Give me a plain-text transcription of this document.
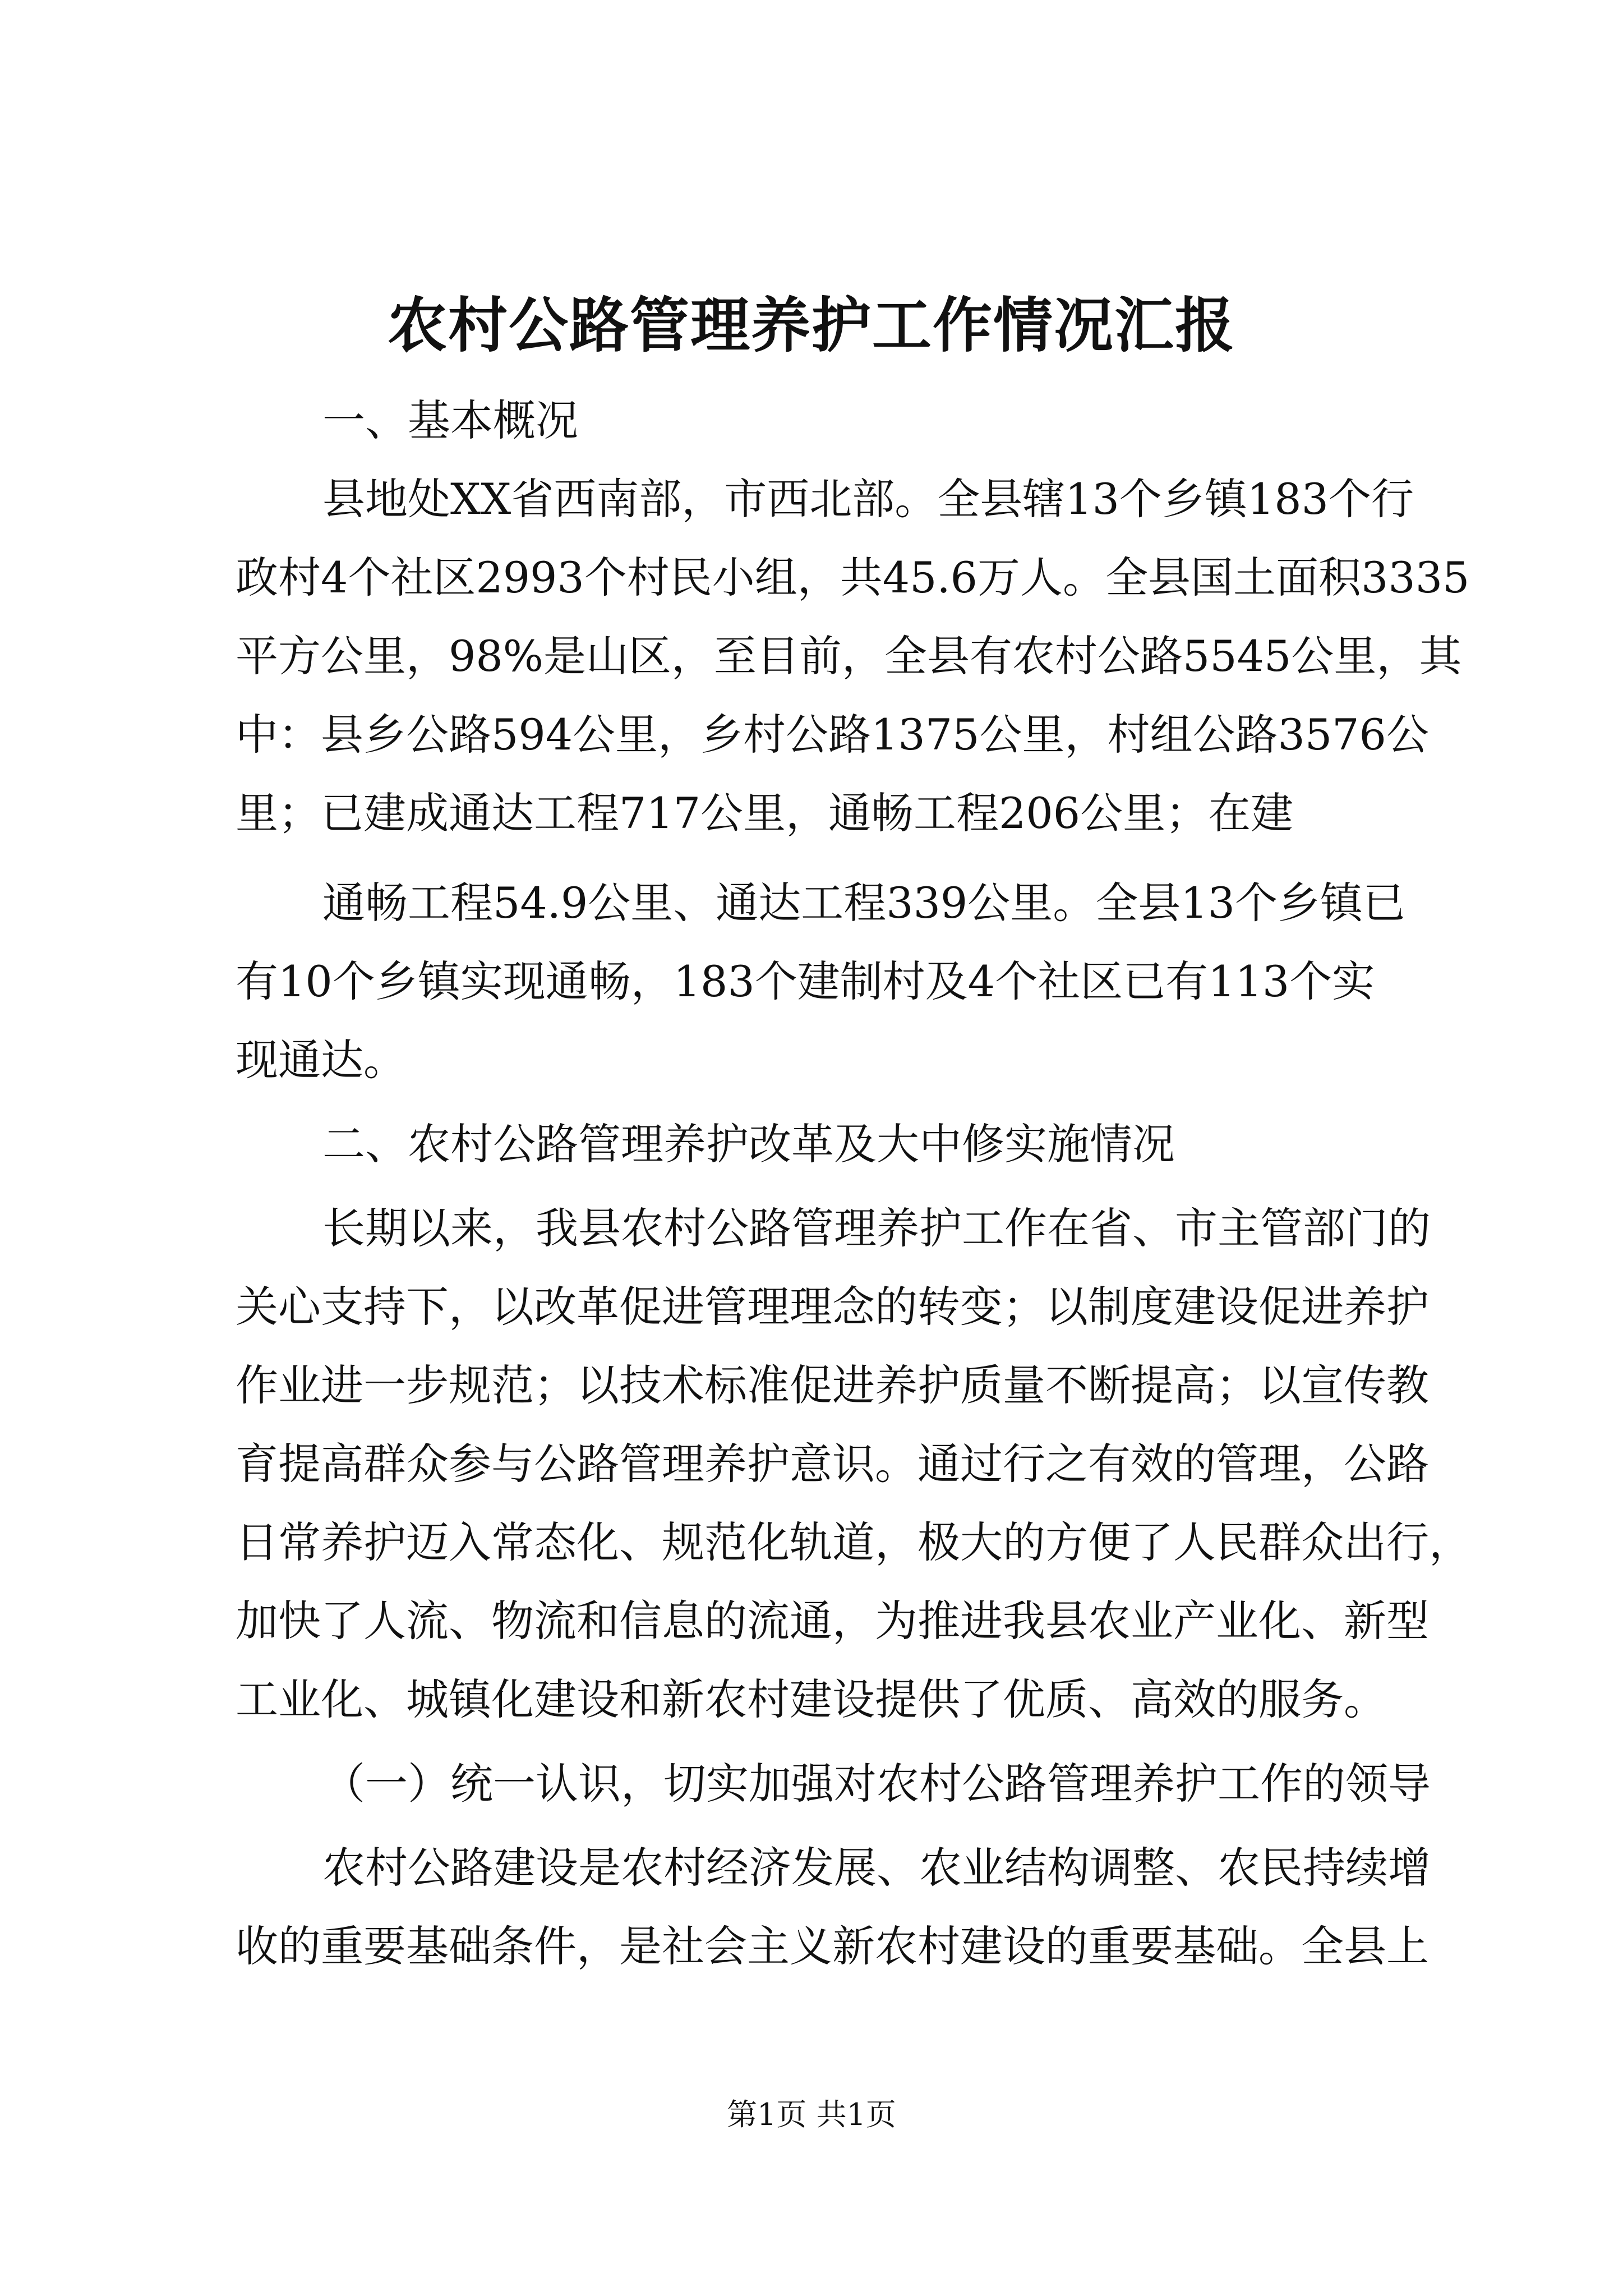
农村公路管理养护工作情况汇报
一、基本概况
县地处XX省西南部，市西北部。全县辖13个乡镇183个行
政村4个社区2993个村民小组，共45.6万人。全县国土面积3335
平方公里，98%是山区，至目前，全县有农村公路5545公里，其
中：县乡公路594公里，乡村公路1375公里，村组公路3576公
里；已建成通达工程717公里，通畅工程206公里；在建
通畅工程54.9公里、通达工程339公里。全县13个乡镇已
有10个乡镇实现通畅，183个建制村及4个社区已有113个实
现通达。
二、农村公路管理养护改革及大中修实施情况
长期以来，我县农村公路管理养护工作在省、市主管部门的
关心支持下，以改革促进管理理念的转变；以制度建设促进养护
作业进一步规范；以技术标准促进养护质量不断提高；以宣传教
育提高群众参与公路管理养护意识。通过行之有效的管理，公路
日常养护迈入常态化、规范化轨道，极大的方便了人民群众出行，
加快了人流、物流和信息的流通，为推进我县农业产业化、新型
工业化、城镇化建设和新农村建设提供了优质、高效的服务。
（一）统一认识，切实加强对农村公路管理养护工作的领导
农村公路建设是农村经济发展、农业结构调整、农民持续增
收的重要基础条件，是社会主义新农村建设的重要基础。全县上
第1页 共1页
